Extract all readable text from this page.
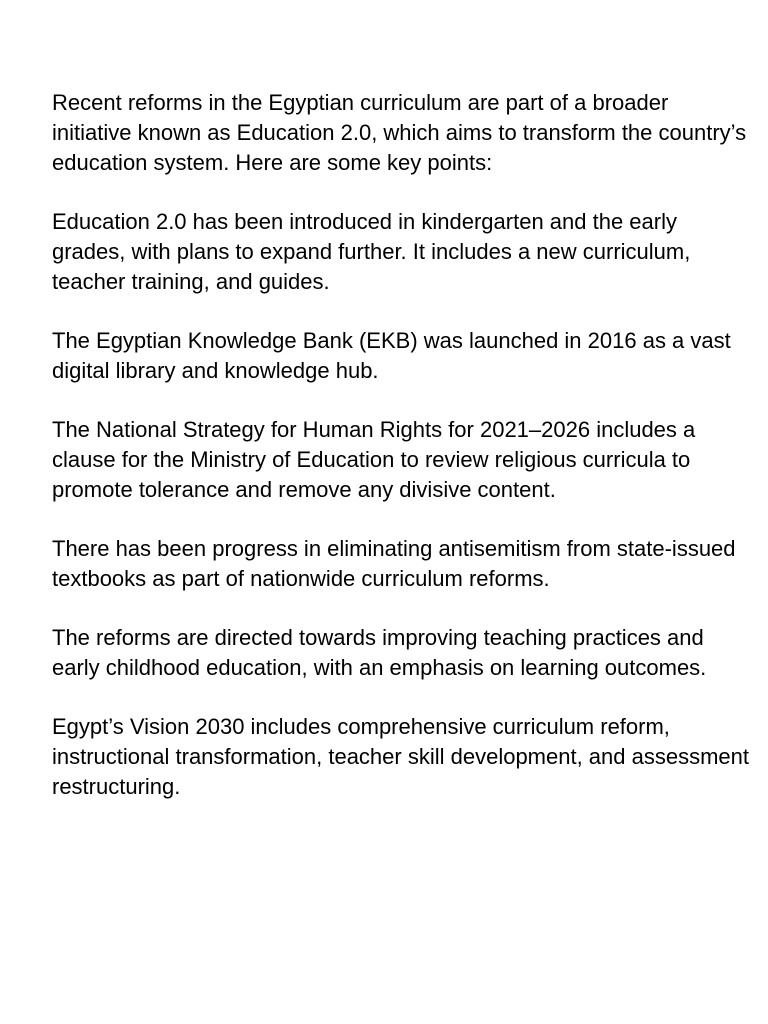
Recent reforms in the Egyptian curriculum are part of a broader initiative known as Education 2.0, which aims to transform the country’s education system. Here are some key points:

Education 2.0 has been introduced in kindergarten and the early grades, with plans to expand further. It includes a new curriculum, teacher training, and guides.

The Egyptian Knowledge Bank (EKB) was launched in 2016 as a vast digital library and knowledge hub.

The National Strategy for Human Rights for 2021–2026 includes a clause for the Ministry of Education to review religious curricula to promote tolerance and remove any divisive content.

There has been progress in eliminating antisemitism from state-issued textbooks as part of nationwide curriculum reforms.

The reforms are directed towards improving teaching practices and early childhood education, with an emphasis on learning outcomes.

Egypt’s Vision 2030 includes comprehensive curriculum reform, instructional transformation, teacher skill development, and assessment restructuring.
